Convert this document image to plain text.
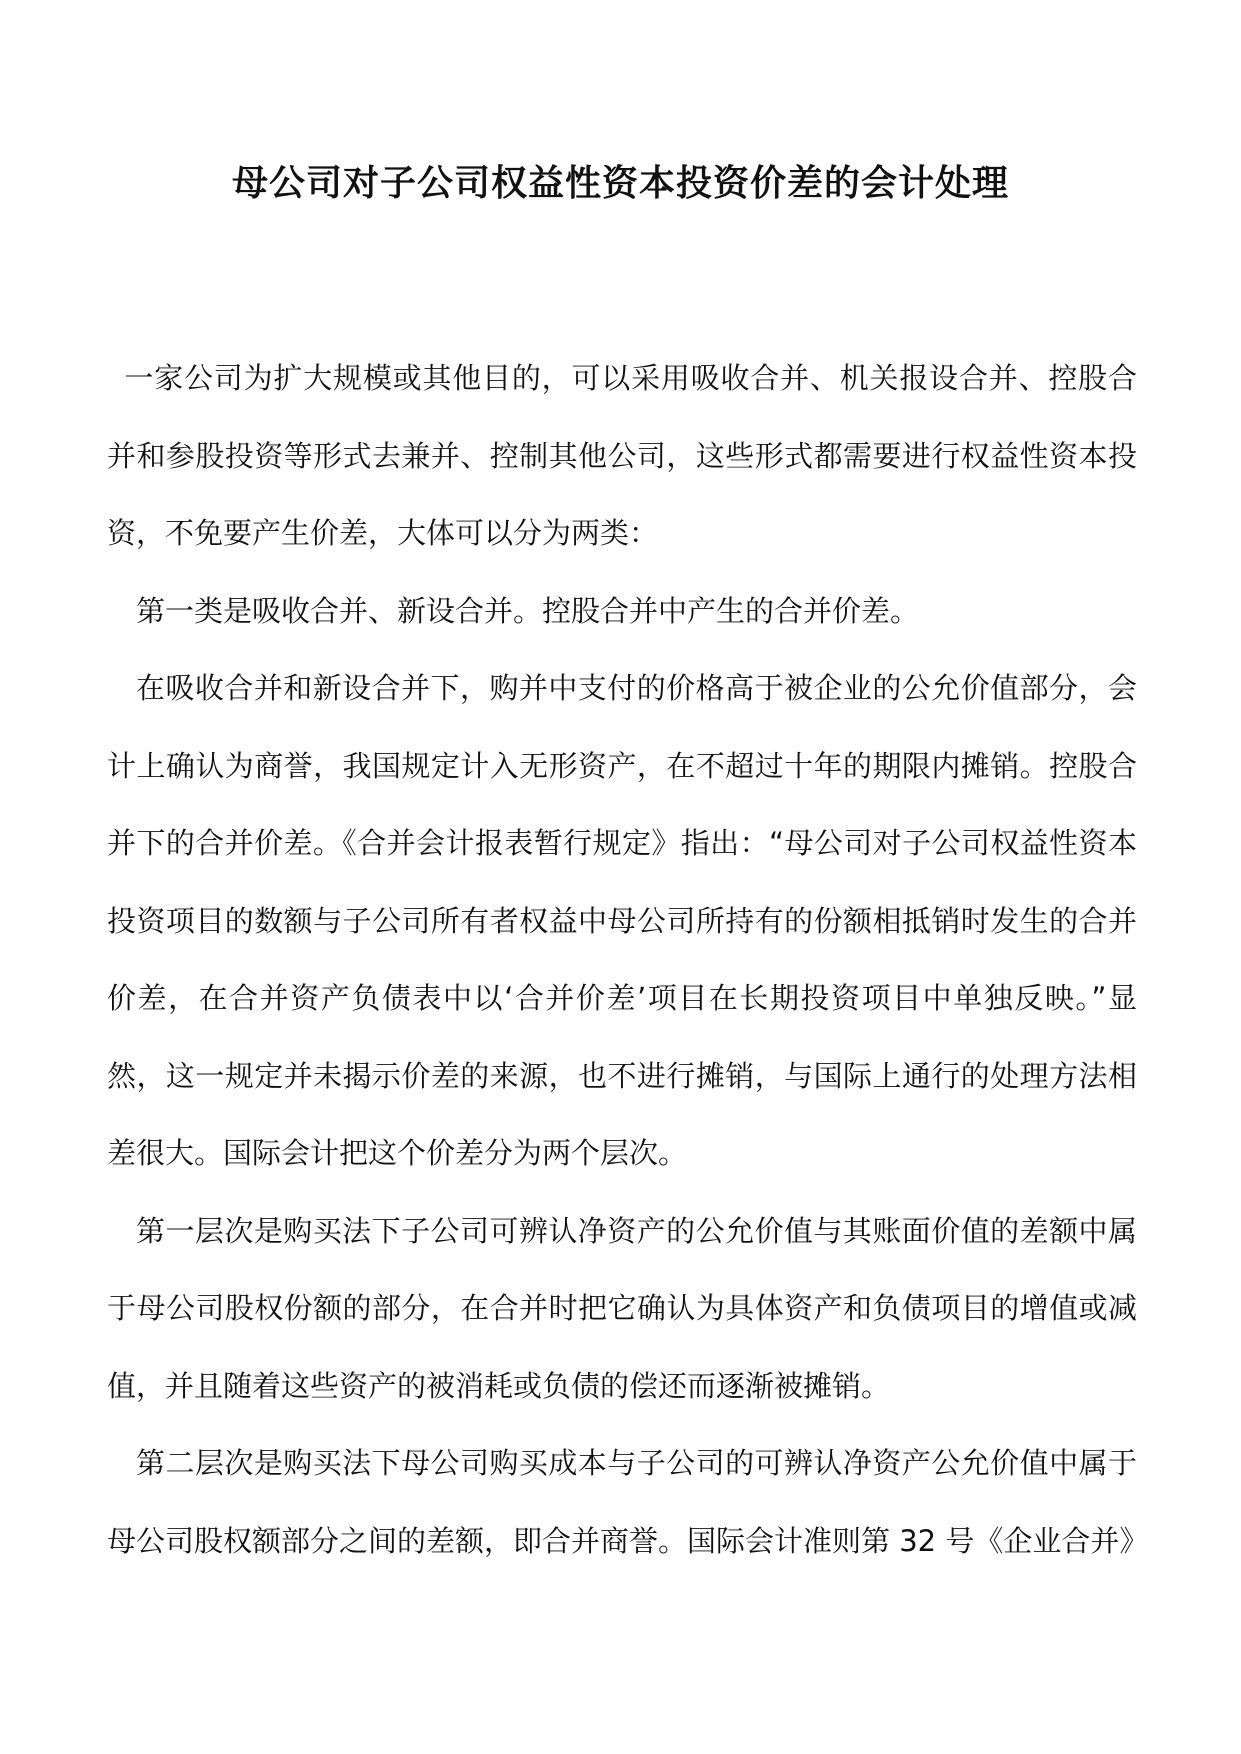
母公司对子公司权益性资本投资价差的会计处理

一家公司为扩大规模或其他目的，可以采用吸收合并、机关报设合并、控股合并和参股投资等形式去兼并、控制其他公司，这些形式都需要进行权益性资本投资，不免要产生价差，大体可以分为两类：

第一类是吸收合并、新设合并。控股合并中产生的合并价差。

在吸收合并和新设合并下，购并中支付的价格高于被企业的公允价值部分，会计上确认为商誉，我国规定计入无形资产，在不超过十年的期限内摊销。控股合并下的合并价差。《合并会计报表暂行规定》指出：“母公司对子公司权益性资本投资项目的数额与子公司所有者权益中母公司所持有的份额相抵销时发生的合并价差，在合并资产负债表中以‘合并价差’项目在长期投资项目中单独反映。”显然，这一规定并未揭示价差的来源，也不进行摊销，与国际上通行的处理方法相差很大。国际会计把这个价差分为两个层次。

第一层次是购买法下子公司可辨认净资产的公允价值与其账面价值的差额中属于母公司股权份额的部分，在合并时把它确认为具体资产和负债项目的增值或减值，并且随着这些资产的被消耗或负债的偿还而逐渐被摊销。

第二层次是购买法下母公司购买成本与子公司的可辨认净资产公允价值中属于母公司股权额部分之间的差额，即合并商誉。国际会计准则第 32 号《企业合并》
